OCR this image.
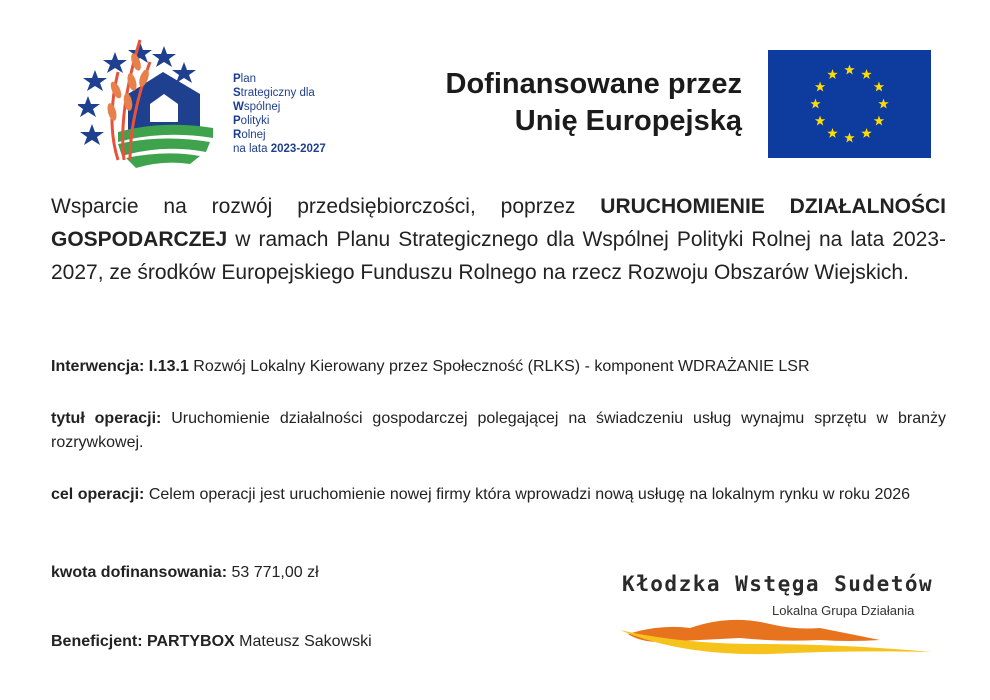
Plan
Strategiczny dla
Wspólnej
Polityki
Rolnej
na lata 2023-2027
Dofinansowane przez
Unię Europejską
Wsparcie na rozwój przedsiębiorczości, poprzez URUCHOMIENIE DZIAŁALNOŚCI GOSPODARCZEJ w ramach Planu Strategicznego dla Wspólnej Polityki Rolnej na lata 2023-2027, ze środków Europejskiego Funduszu Rolnego na rzecz Rozwoju Obszarów Wiejskich.
Interwencja: I.13.1 Rozwój Lokalny Kierowany przez Społeczność (RLKS) - komponent WDRAŻANIE LSR
tytuł operacji: Uruchomienie działalności gospodarczej polegającej na świadczeniu usług wynajmu sprzętu w branży rozrywkowej.
cel operacji: Celem operacji jest uruchomienie nowej firmy która wprowadzi nową usługę na lokalnym rynku w roku 2026
kwota dofinansowania: 53 771,00 zł
Beneficjent: PARTYBOX Mateusz Sakowski
Kłodzka Wstęga Sudetów
Lokalna Grupa Działania
